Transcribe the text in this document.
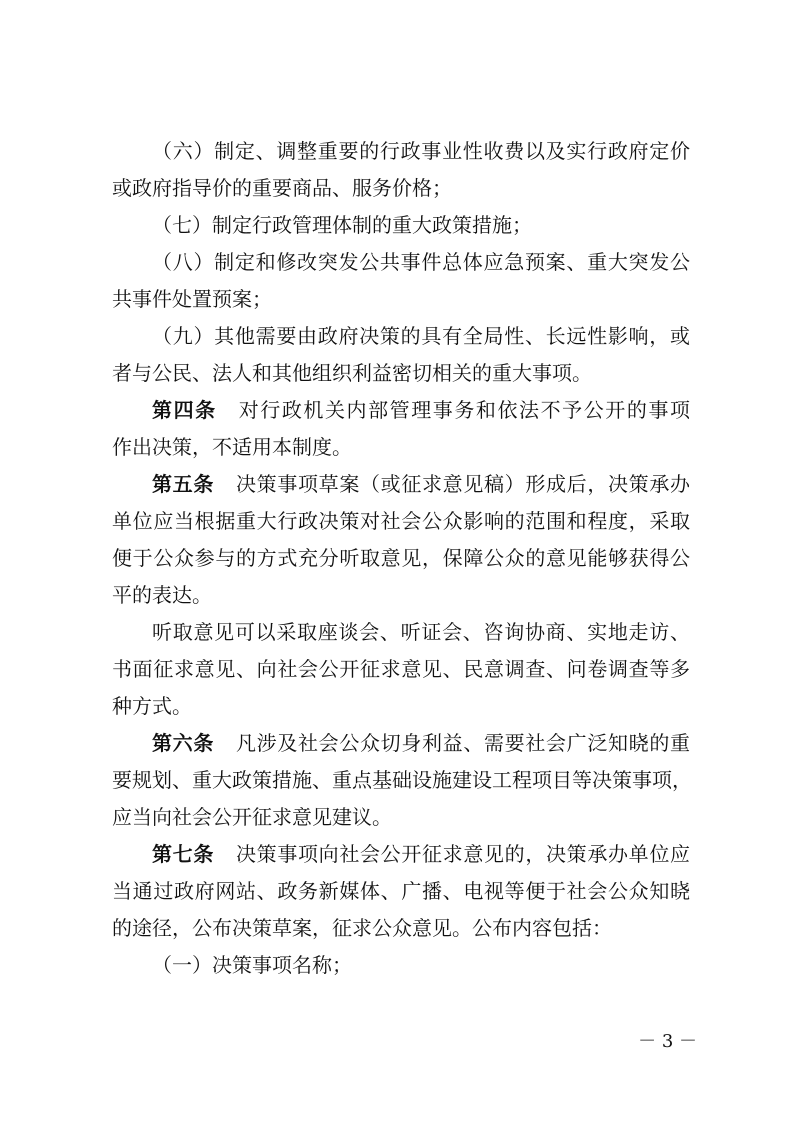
（六）制定、调整重要的行政事业性收费以及实行政府定价
或政府指导价的重要商品、服务价格；
（七）制定行政管理体制的重大政策措施；
（八）制定和修改突发公共事件总体应急预案、重大突发公
共事件处置预案；
（九）其他需要由政府决策的具有全局性、长远性影响，或
者与公民、法人和其他组织利益密切相关的重大事项。
第四条 对行政机关内部管理事务和依法不予公开的事项
作出决策，不适用本制度。
第五条 决策事项草案（或征求意见稿）形成后，决策承办
单位应当根据重大行政决策对社会公众影响的范围和程度，采取
便于公众参与的方式充分听取意见，保障公众的意见能够获得公
平的表达。
听取意见可以采取座谈会、听证会、咨询协商、实地走访、
书面征求意见、向社会公开征求意见、民意调查、问卷调查等多
种方式。
第六条 凡涉及社会公众切身利益、需要社会广泛知晓的重
要规划、重大政策措施、重点基础设施建设工程项目等决策事项，
应当向社会公开征求意见建议。
第七条 决策事项向社会公开征求意见的，决策承办单位应
当通过政府网站、政务新媒体、广播、电视等便于社会公众知晓
的途径，公布决策草案，征求公众意见。公布内容包括：
（一）决策事项名称；
－ 3 －
